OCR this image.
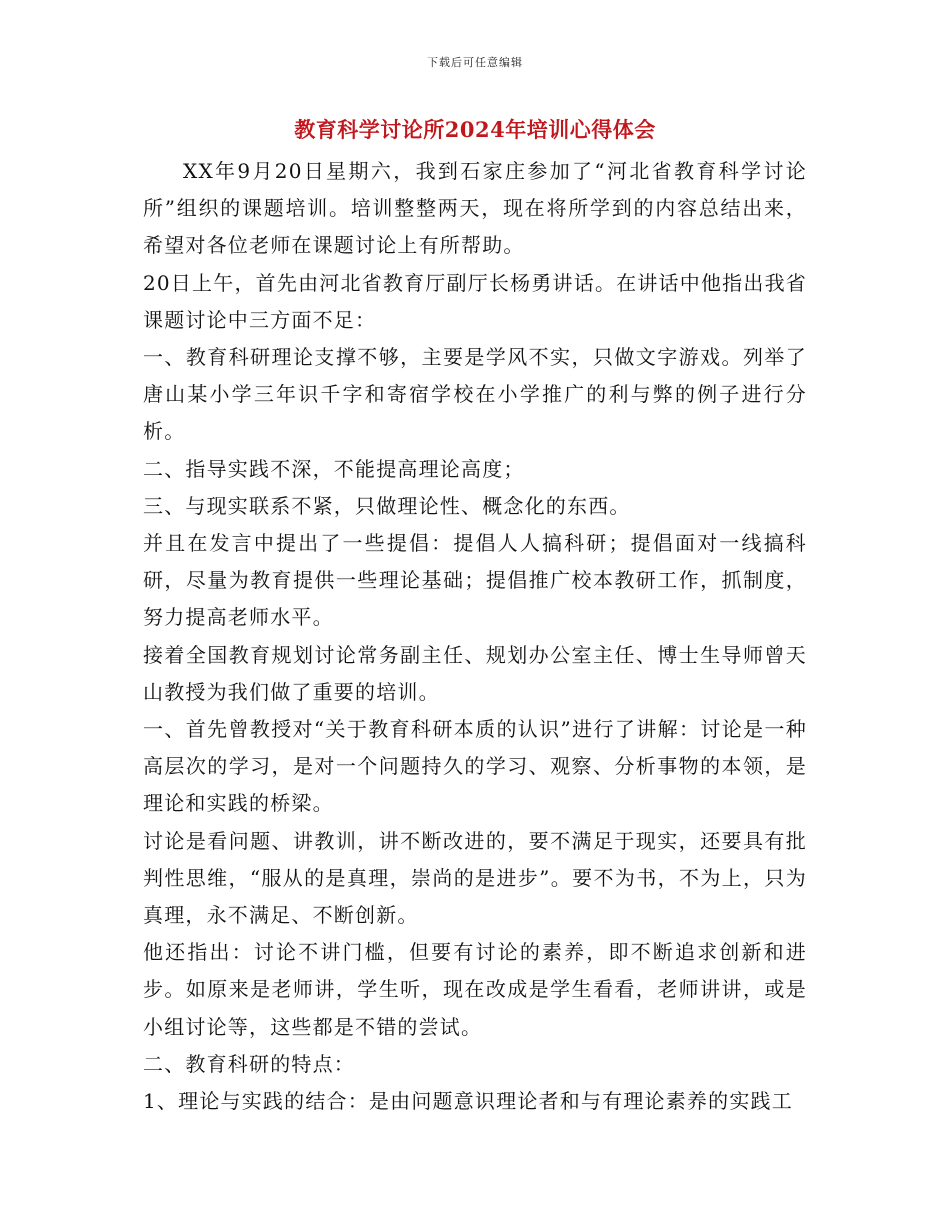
下载后可任意编辑
教育科学讨论所2024年培训心得体会

XX年9月20日星期六，我到石家庄参加了“河北省教育科学讨论所”组织的课题培训。培训整整两天，现在将所学到的内容总结出来，希望对各位老师在课题讨论上有所帮助。

20日上午，首先由河北省教育厅副厅长杨勇讲话。在讲话中他指出我省课题讨论中三方面不足：

一、教育科研理论支撑不够，主要是学风不实，只做文字游戏。列举了唐山某小学三年识千字和寄宿学校在小学推广的利与弊的例子进行分析。

二、指导实践不深，不能提高理论高度；

三、与现实联系不紧，只做理论性、概念化的东西。

并且在发言中提出了一些提倡：提倡人人搞科研；提倡面对一线搞科研，尽量为教育提供一些理论基础；提倡推广校本教研工作，抓制度，努力提高老师水平。

接着全国教育规划讨论常务副主任、规划办公室主任、博士生导师曾天山教授为我们做了重要的培训。

一、首先曾教授对“关于教育科研本质的认识”进行了讲解：讨论是一种高层次的学习，是对一个问题持久的学习、观察、分析事物的本领，是理论和实践的桥梁。

讨论是看问题、讲教训，讲不断改进的，要不满足于现实，还要具有批判性思维，“服从的是真理，崇尚的是进步”。要不为书，不为上，只为真理，永不满足、不断创新。

他还指出：讨论不讲门槛，但要有讨论的素养，即不断追求创新和进步。如原来是老师讲，学生听，现在改成是学生看看，老师讲讲，或是小组讨论等，这些都是不错的尝试。

二、教育科研的特点：

1、理论与实践的结合：是由问题意识理论者和与有理论素养的实践工
